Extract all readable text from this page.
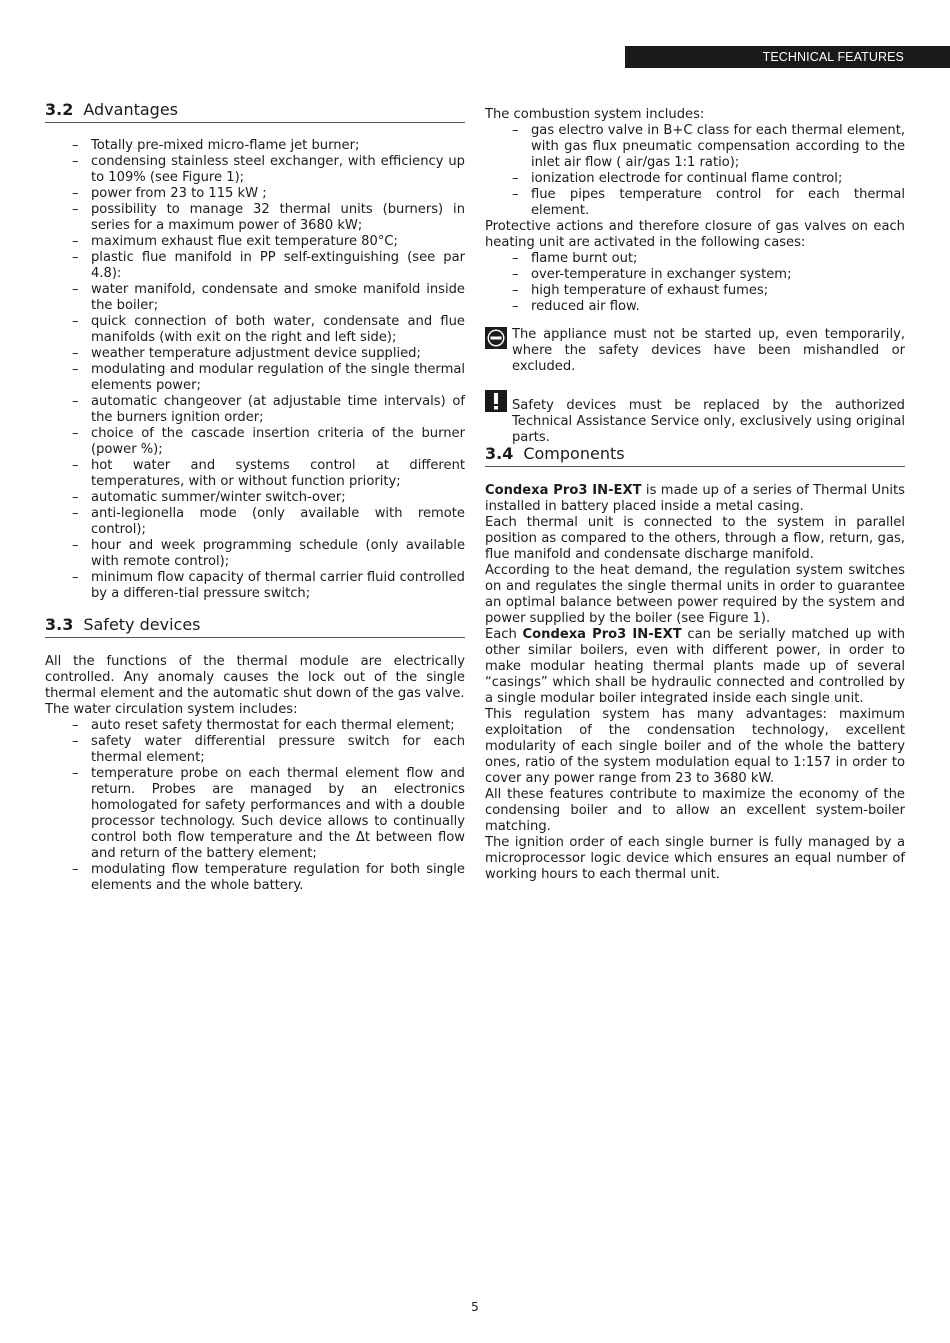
TECHNICAL FEATURES
3.2 Advantages
– Totally pre-mixed micro-flame jet burner;
– condensing stainless steel exchanger, with efficiency up to 109% (see Figure 1);
– power from 23 to 115 kW ;
– possibility to manage 32 thermal units (burners) in series for a maximum power of 3680 kW;
– maximum exhaust flue exit temperature 80°C;
– plastic flue manifold in PP self-extinguishing (see par 4.8):
– water manifold, condensate and smoke manifold inside the boiler;
– quick connection of both water, condensate and flue manifolds (with exit on the right and left side);
– weather temperature adjustment device supplied;
– modulating and modular regulation of the single thermal elements power;
– automatic changeover (at adjustable time intervals) of the burners ignition order;
– choice of the cascade insertion criteria of the burner (power %);
– hot water and systems control at different temperatures, with or without function priority;
– automatic summer/winter switch-over;
– anti-legionella mode (only available with remote control);
– hour and week programming schedule (only available with remote control);
– minimum flow capacity of thermal carrier fluid controlled by a differen-tial pressure switch;
3.3 Safety devices

All the functions of the thermal module are electrically controlled. Any anomaly causes the lock out of the single thermal element and the automatic shut down of the gas valve.

The water circulation system includes:

– auto reset safety thermostat for each thermal element;
– safety water differential pressure switch for each thermal element;
– temperature probe on each thermal element flow and return. Probes are managed by an electronics homologated for safety performances and with a double processor technology. Such device allows to continually control both flow temperature and the Δt between flow and return of the battery element;
– modulating flow temperature regulation for both single elements and the whole battery.

The combustion system includes:

– gas electro valve in B+C class for each thermal element, with gas flux pneumatic compensation according to the inlet air flow ( air/gas 1:1 ratio);
– ionization electrode for continual flame control;
– flue pipes temperature control for each thermal element.

Protective actions and therefore closure of gas valves on each heating unit are activated in the following cases:

– flame burnt out;
– over-temperature in exchanger system;
– high temperature of exhaust fumes;
– reduced air flow.

The appliance must not be started up, even temporarily, where the safety devices have been mishandled or excluded.

Safety devices must be replaced by the authorized Technical Assistance Service only, exclusively using original parts.

3.4 Components

Condexa Pro3 IN-EXT is made up of a series of Thermal Units installed in battery placed inside a metal casing.

Each thermal unit is connected to the system in parallel position as compared to the others, through a flow, return, gas, flue manifold and condensate discharge manifold.

According to the heat demand, the regulation system switches on and regulates the single thermal units in order to guarantee an optimal balance between power required by the system and power supplied by the boiler (see Figure 1).

Each Condexa Pro3 IN-EXT can be serially matched up with other similar boilers, even with different power, in order to make modular heating thermal plants made up of several “casings” which shall be hydraulic connected and controlled by a single modular boiler integrated inside each single unit.

This regulation system has many advantages: maximum exploitation of the condensation technology, excellent modularity of each single boiler and of the whole the battery ones, ratio of the system modulation equal to 1:157 in order to cover any power range from 23 to 3680 kW.

All these features contribute to maximize the economy of the condensing boiler and to allow an excellent system-boiler matching.

The ignition order of each single burner is fully managed by a microprocessor logic device which ensures an equal number of working hours to each thermal unit.

5
